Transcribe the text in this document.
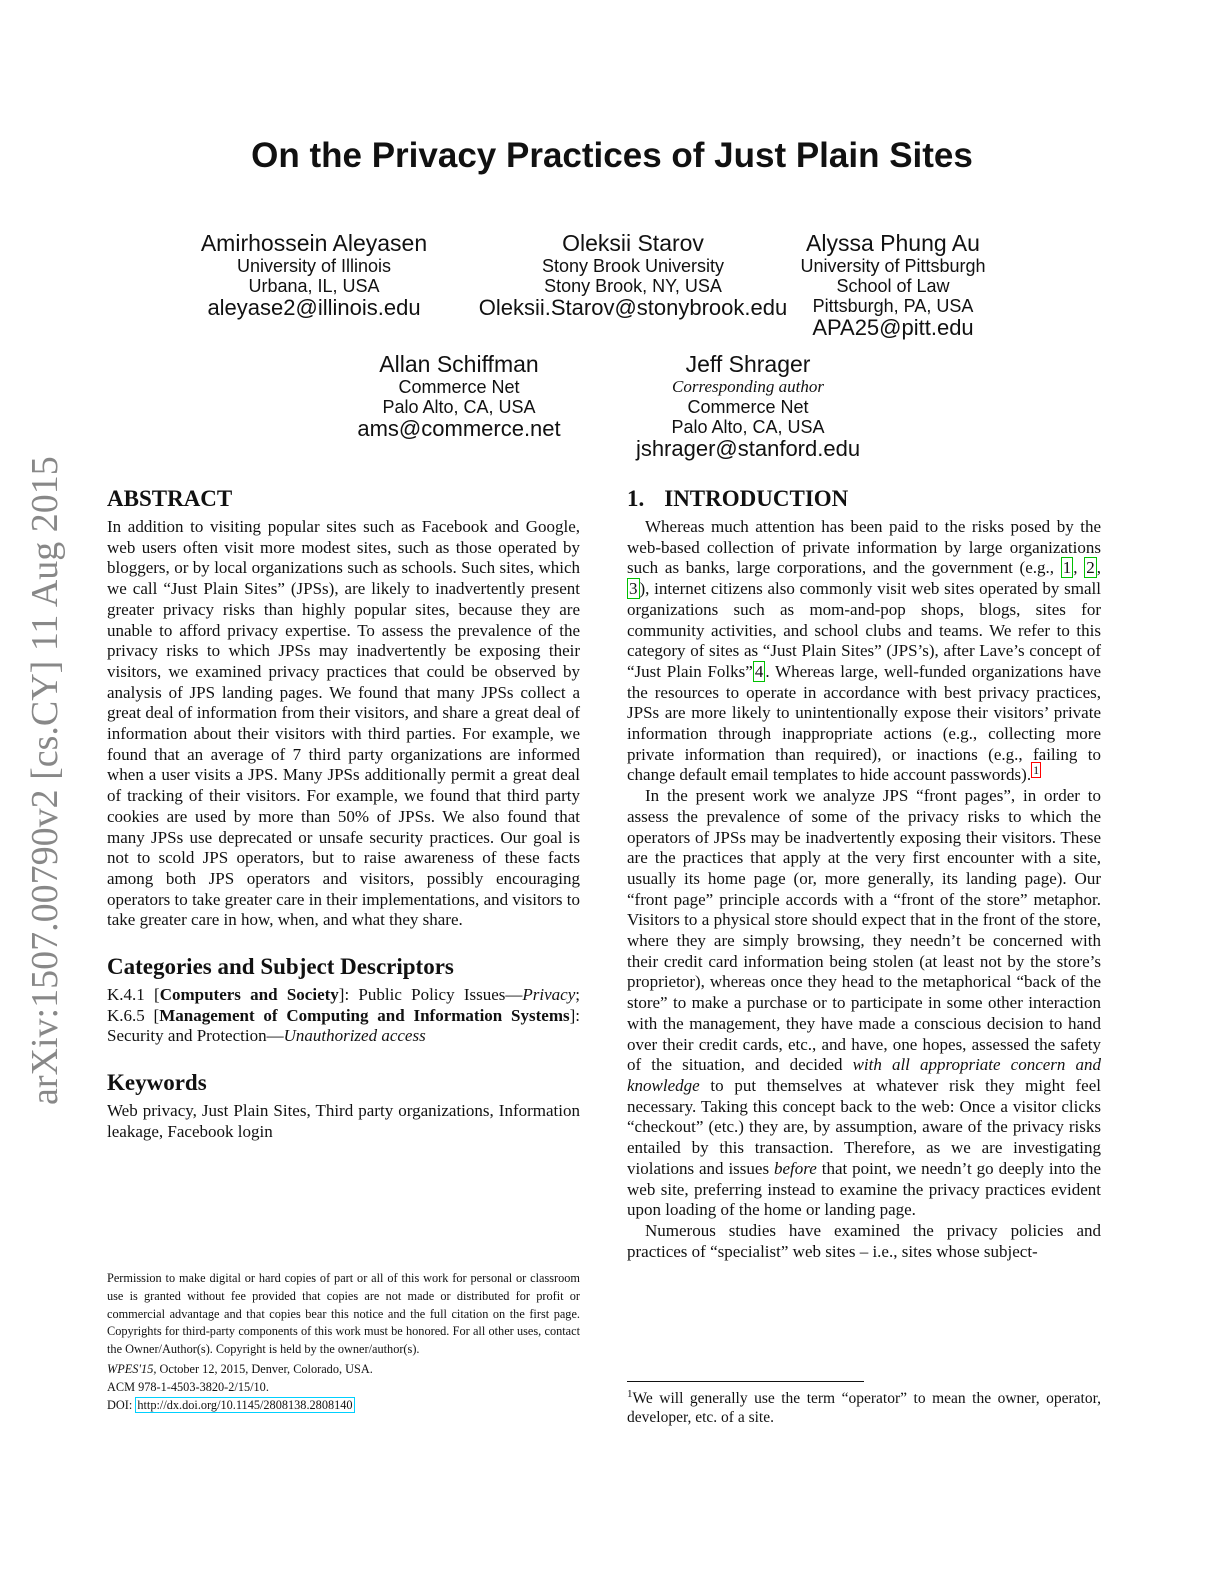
arXiv:1507.00790v2 [cs.CY] 11 Aug 2015
On the Privacy Practices of Just Plain Sites
Amirhossein Aleyasen
University of Illinois
Urbana, IL, USA
aleyase2@illinois.edu
Oleksii Starov
Stony Brook University
Stony Brook, NY, USA
Oleksii.Starov@stonybrook.edu
Alyssa Phung Au
University of Pittsburgh
School of Law
Pittsburgh, PA, USA
APA25@pitt.edu
Allan Schiffman
Commerce Net
Palo Alto, CA, USA
ams@commerce.net
Jeff Shrager
Corresponding author
Commerce Net
Palo Alto, CA, USA
jshrager@stanford.edu
ABSTRACT

In addition to visiting popular sites such as Facebook and Google, web users often visit more modest sites, such as those operated by bloggers, or by local organizations such as schools. Such sites, which we call “Just Plain Sites” (JPSs), are likely to inadvertently present greater privacy risks than highly popular sites, because they are unable to afford privacy expertise. To assess the prevalence of the privacy risks to which JPSs may inadvertently be exposing their visitors, we examined privacy practices that could be observed by analysis of JPS landing pages. We found that many JPSs collect a great deal of information from their visitors, and share a great deal of information about their visitors with third parties. For example, we found that an average of 7 third party organizations are informed when a user visits a JPS. Many JPSs additionally permit a great deal of tracking of their visitors. For example, we found that third party cookies are used by more than 50% of JPSs. We also found that many JPSs use deprecated or unsafe security practices. Our goal is not to scold JPS operators, but to raise awareness of these facts among both JPS operators and visitors, possibly encouraging operators to take greater care in their implementations, and visitors to take greater care in how, when, and what they share.

Categories and Subject Descriptors

K.4.1 [Computers and Society]: Public Policy Issues—Privacy; K.6.5 [Management of Computing and Information Systems]: Security and Protection—Unauthorized access

Keywords

Web privacy, Just Plain Sites, Third party organizations, Information leakage, Facebook login

Permission to make digital or hard copies of part or all of this work for personal or classroom use is granted without fee provided that copies are not made or distributed for profit or commercial advantage and that copies bear this notice and the full citation on the first page. Copyrights for third-party components of this work must be honored. For all other uses, contact the Owner/Author(s). Copyright is held by the owner/author(s).

WPES'15, October 12, 2015, Denver, Colorado, USA.

ACM 978-1-4503-3820-2/15/10.

DOI: http://dx.doi.org/10.1145/2808138.2808140

1. INTRODUCTION

Whereas much attention has been paid to the risks posed by the web-based collection of private information by large organizations such as banks, large corporations, and the government (e.g., 1 , 2 , 3 ), internet citizens also commonly visit web sites operated by small organizations such as mom-and-pop shops, blogs, sites for community activities, and school clubs and teams. We refer to this category of sites as “Just Plain Sites” (JPS’s), after Lave’s concept of “Just Plain Folks” 4 . Whereas large, well-funded organizations have the resources to operate in accordance with best privacy practices, JPSs are more likely to unintentionally expose their visitors’ private information through inappropriate actions (e.g., collecting more private information than required), or inactions (e.g., failing to change default email templates to hide account passwords). $^1$

In the present work we analyze JPS “front pages”, in order to assess the prevalence of some of the privacy risks to which the operators of JPSs may be inadvertently exposing their visitors. These are the practices that apply at the very first encounter with a site, usually its home page (or, more generally, its landing page). Our “front page” principle accords with a “front of the store” metaphor. Visitors to a physical store should expect that in the front of the store, where they are simply browsing, they needn’t be concerned with their credit card information being stolen (at least not by the store’s proprietor), whereas once they head to the metaphorical “back of the store” to make a purchase or to participate in some other interaction with the management, they have made a conscious decision to hand over their credit cards, etc., and have, one hopes, assessed the safety of the situation, and decided with all appropriate concern and knowledge to put themselves at whatever risk they might feel necessary. Taking this concept back to the web: Once a visitor clicks “checkout” (etc.) they are, by assumption, aware of the privacy risks entailed by this transaction. Therefore, as we are investigating violations and issues before that point, we needn’t go deeply into the web site, preferring instead to examine the privacy practices evident upon loading of the home or landing page.

Numerous studies have examined the privacy policies and practices of “specialist” web sites – i.e., sites whose subject-

$^1$We will generally use the term “operator” to mean the owner, operator, developer, etc. of a site.
